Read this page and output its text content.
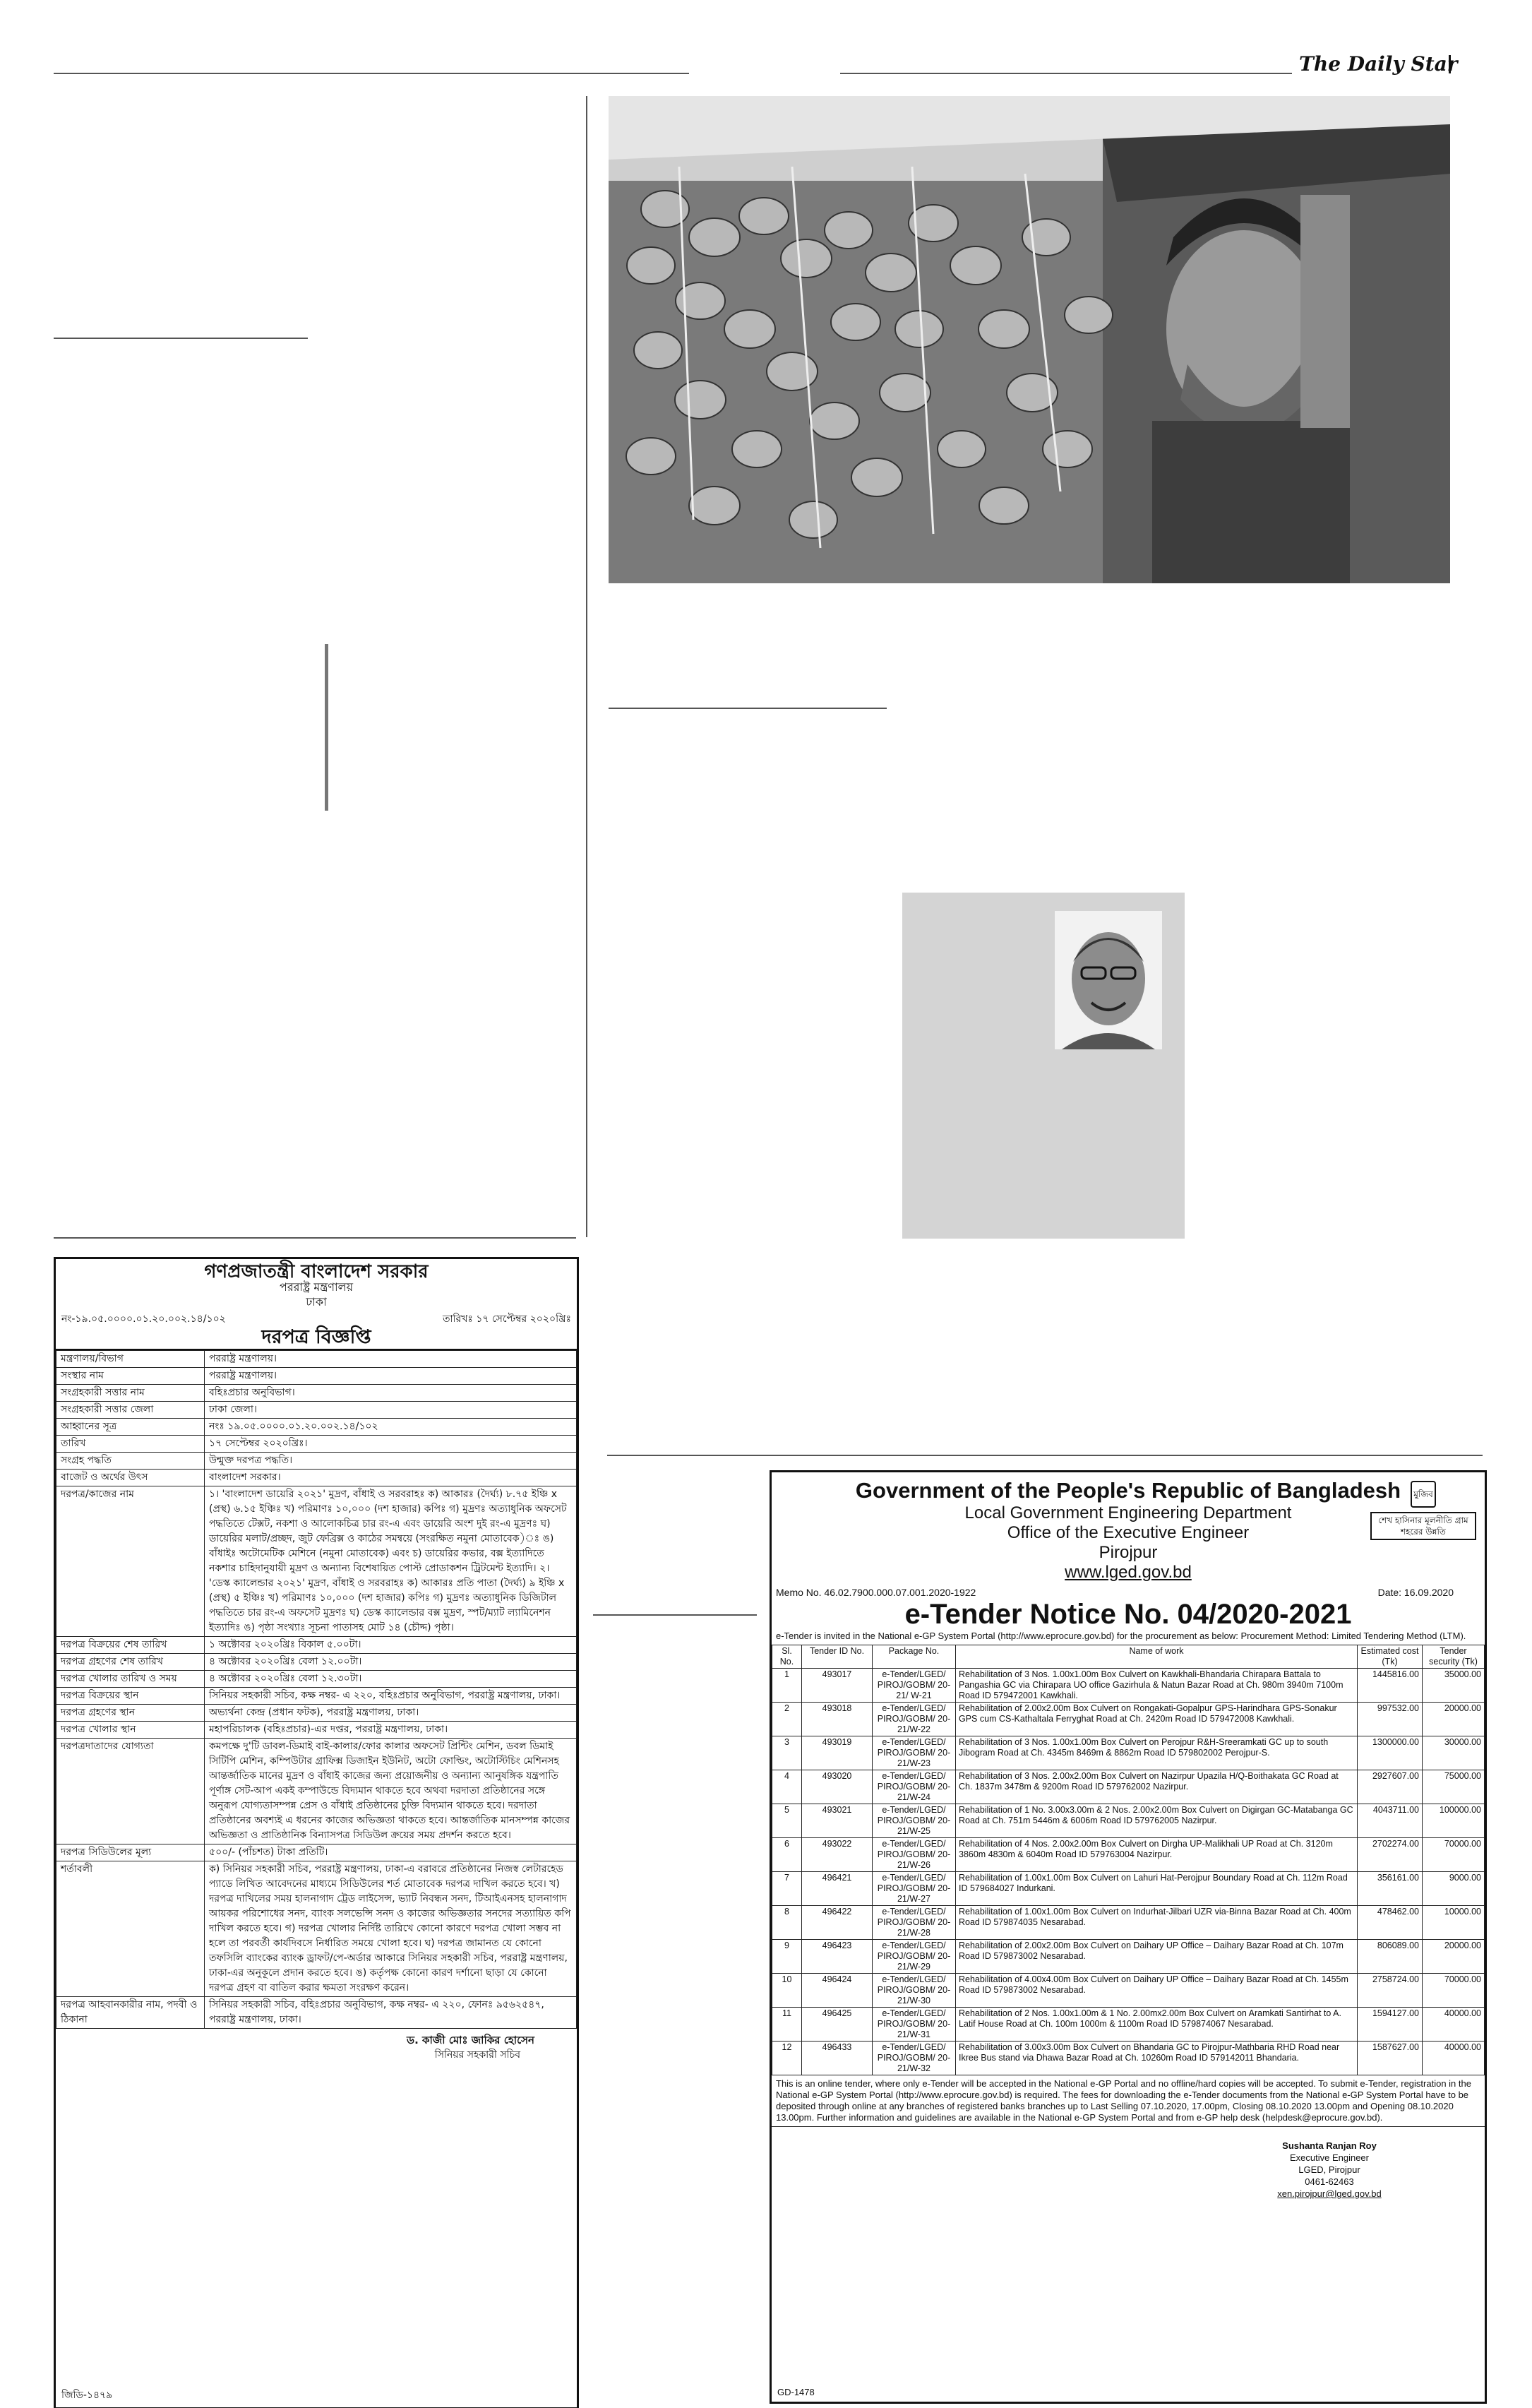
The Daily Star
গণপ্রজাতন্ত্রী বাংলাদেশ সরকার
পররাষ্ট্র মন্ত্রণালয়
ঢাকা
নং-১৯.০৫.০০০০.০১.২০.০০২.১৪/১০২	তারিখঃ ১৭ সেপ্টেম্বর ২০২০খ্রিঃ
দরপত্র বিজ্ঞপ্তি
মন্ত্রণালয়/বিভাগ	পররাষ্ট্র মন্ত্রণালয়।
সংস্থার নাম	পররাষ্ট্র মন্ত্রণালয়।
সংগ্রহকারী সত্তার নাম	বহিঃপ্রচার অনুবিভাগ।
সংগ্রহকারী সত্তার জেলা	ঢাকা জেলা।
আহ্বানের সূত্র	নংঃ ১৯.০৫.০০০০.০১.২০.০০২.১৪/১০২
তারিখ	১৭ সেপ্টেম্বর ২০২০খ্রিঃ।
সংগ্রহ পদ্ধতি	উন্মুক্ত দরপত্র পদ্ধতি।
বাজেট ও অর্থের উৎস	বাংলাদেশ সরকার।
দরপত্র/কাজের নাম	১। 'বাংলাদেশ ডায়েরি ২০২১' মুদ্রণ, বাঁধাই ও সরবরাহঃ ক) আকারঃ (দৈর্ঘ্য) ৮.৭৫ ইঞ্চি x (প্রস্থ) ৬.১৫ ইঞ্চিঃ খ) পরিমাণঃ ১০,০০০ (দশ হাজার) কপিঃ গ) মুদ্রণঃ অত্যাধুনিক অফসেট পদ্ধতিতে টেক্সট, নকশা ও আলোকচিত্র চার রং-এ এবং ডায়েরি অংশ দুই রং-এ মুদ্রণঃ ঘ) ডায়েরির মলাট/প্রচ্ছদ, জুট ফেব্রিক্স ও কাঠের সমন্বয়ে (সংরক্ষিত নমুনা মোতাবেক)ঃ ঙ) বাঁধাইঃ অটোমেটিক মেশিনে (নমুনা মোতাবেক) এবং চ) ডায়েরির কভার, বক্স ইত্যাদিতে নকশার চাহিদানুযায়ী মুদ্রণ ও অন্যান্য বিশেষায়িত পোস্ট প্রোডাকশন ট্রিটমেন্ট ইত্যাদি। ২। 'ডেস্ক ক্যালেন্ডার ২০২১' মুদ্রণ, বাঁধাই ও সরবরাহঃ ক) আকারঃ প্রতি পাতা (দৈর্ঘ্য) ৯ ইঞ্চি x (প্রস্থ) ৫ ইঞ্চিঃ খ) পরিমাণঃ ১০,০০০ (দশ হাজার) কপিঃ গ) মুদ্রণঃ অত্যাধুনিক ডিজিটাল পদ্ধতিতে চার রং-এ অফসেট মুদ্রণঃ ঘ) ডেস্ক ক্যালেন্ডার বক্স মুদ্রণ, স্পট/ম্যাট ল্যামিনেশন ইত্যাদিঃ ঙ) পৃষ্ঠা সংখ্যাঃ সূচনা পাতাসহ মোট ১৪ (চৌদ্দ) পৃষ্ঠা।
দরপত্র বিক্রয়ের শেষ তারিখ	১ অক্টোবর ২০২০খ্রিঃ বিকাল ৫.০০টা।
দরপত্র গ্রহণের শেষ তারিখ	৪ অক্টোবর ২০২০খ্রিঃ বেলা ১২.০০টা।
দরপত্র খোলার তারিখ ও সময়	৪ অক্টোবর ২০২০খ্রিঃ বেলা ১২.৩০টা।
দরপত্র বিক্রয়ের স্থান	সিনিয়র সহকারী সচিব, কক্ষ নম্বর- এ ২২০, বহিঃপ্রচার অনুবিভাগ, পররাষ্ট্র মন্ত্রণালয়, ঢাকা।
দরপত্র গ্রহণের স্থান	অভ্যর্থনা কেন্দ্র (প্রধান ফটক), পররাষ্ট্র মন্ত্রণালয়, ঢাকা।
দরপত্র খোলার স্থান	মহাপরিচালক (বহিঃপ্রচার)-এর দপ্তর, পররাষ্ট্র মন্ত্রণালয়, ঢাকা।
দরপত্রদাতাদের যোগ্যতা	কমপক্ষে দু'টি ডাবল-ডিমাই বাই-কালার/ফোর কালার অফসেট প্রিন্টিং মেশিন, ডবল ডিমাই সিটিপি মেশিন, কম্পিউটার গ্রাফিক্স ডিজাইন ইউনিট, অটো ফোল্ডিং, অটোস্টিচিং মেশিনসহ আন্তর্জাতিক মানের মুদ্রণ ও বাঁধাই কাজের জন্য প্রয়োজনীয় ও অন্যান্য আনুষঙ্গিক যন্ত্রপাতি পূর্ণাঙ্গ সেট-আপ একই কম্পাউন্ডে বিদ্যমান থাকতে হবে অথবা দরদাতা প্রতিষ্ঠানের সঙ্গে অনুরূপ যোগ্যতাসম্পন্ন প্রেস ও বাঁধাই প্রতিষ্ঠানের চুক্তি বিদ্যমান থাকতে হবে। দরদাতা প্রতিষ্ঠানের অবশ্যই এ ধরনের কাজের অভিজ্ঞতা থাকতে হবে। আন্তর্জাতিক মানসম্পন্ন কাজের অভিজ্ঞতা ও প্রাতিষ্ঠানিক বিন্যাসপত্র সিডিউল ক্রয়ের সময় প্রদর্শন করতে হবে।
দরপত্র সিডিউলের মূল্য	৫০০/- (পাঁচশত) টাকা প্রতিটি।
শর্তাবলী	ক) সিনিয়র সহকারী সচিব, পররাষ্ট্র মন্ত্রণালয়, ঢাকা-এ বরাবরে প্রতিষ্ঠানের নিজস্ব লেটারহেড প্যাডে লিখিত আবেদনের মাধ্যমে সিডিউলের শর্ত মোতাবেক দরপত্র দাখিল করতে হবে। খ) দরপত্র দাখিলের সময় হালনাগাদ ট্রেড লাইসেন্স, ভ্যাট নিবন্ধন সনদ, টিআইএনসহ হালনাগাদ আয়কর পরিশোধের সনদ, ব্যাংক সলভেন্সি সনদ ও কাজের অভিজ্ঞতার সনদের সত্যায়িত কপি দাখিল করতে হবে। গ) দরপত্র খোলার নির্দিষ্ট তারিখে কোনো কারণে দরপত্র খোলা সম্ভব না হলে তা পরবর্তী কার্যদিবসে নির্ধারিত সময়ে খোলা হবে। ঘ) দরপত্র জামানত যে কোনো তফসিলি ব্যাংকের ব্যাংক ড্রাফট/পে-অর্ডার আকারে সিনিয়র সহকারী সচিব, পররাষ্ট্র মন্ত্রণালয়, ঢাকা-এর অনুকূলে প্রদান করতে হবে। ঙ) কর্তৃপক্ষ কোনো কারণ দর্শানো ছাড়া যে কোনো দরপত্র গ্রহণ বা বাতিল করার ক্ষমতা সংরক্ষণ করেন।
দরপত্র আহবানকারীর নাম, পদবী ও ঠিকানা	সিনিয়র সহকারী সচিব, বহিঃপ্রচার অনুবিভাগ, কক্ষ নম্বর- এ ২২০, ফোনঃ ৯৫৬২৫৪৭, পররাষ্ট্র মন্ত্রণালয়, ঢাকা।
ড. কাজী মোঃ জাকির হোসেন
সিনিয়র সহকারী সচিব
জিডি-১৪৭৯
মুজিব
শেখ হাসিনার মূলনীতি গ্রাম শহরের উন্নতি
Government of the People's Republic of Bangladesh
Local Government Engineering Department
Office of the Executive Engineer
Pirojpur
www.lged.gov.bd
Memo No. 46.02.7900.000.07.001.2020-1922	Date: 16.09.2020
e-Tender Notice No. 04/2020-2021
e-Tender is invited in the National e-GP System Portal (http://www.eprocure.gov.bd) for the procurement as below: Procurement Method: Limited Tendering Method (LTM).
Sl. No.	Tender ID No.	Package No.	Name of work	Estimated cost (Tk)	Tender security (Tk)
1	493017	e-Tender/LGED/ PIROJ/GOBM/ 20-21/ W-21	Rehabilitation of 3 Nos. 1.00x1.00m Box Culvert on Kawkhali-Bhandaria Chirapara Battala to Pangashia GC via Chirapara UO office Gazirhula & Natun Bazar Road at Ch. 980m 3940m 7100m Road ID 579472001 Kawkhali.	1445816.00	35000.00
2	493018	e-Tender/LGED/ PIROJ/GOBM/ 20-21/W-22	Rehabilitation of 2.00x2.00m Box Culvert on Rongakati-Gopalpur GPS-Harindhara GPS-Sonakur GPS cum CS-Kathaltala Ferryghat Road at Ch. 2420m Road ID 579472008 Kawkhali.	997532.00	20000.00
3	493019	e-Tender/LGED/ PIROJ/GOBM/ 20-21/W-23	Rehabilitation of 3 Nos. 1.00x1.00m Box Culvert on Perojpur R&H-Sreeramkati GC up to south Jibogram Road at Ch. 4345m 8469m & 8862m Road ID 579802002 Perojpur-S.	1300000.00	30000.00
4	493020	e-Tender/LGED/ PIROJ/GOBM/ 20-21/W-24	Rehabilitation of 3 Nos. 2.00x2.00m Box Culvert on Nazirpur Upazila H/Q-Boithakata GC Road at Ch. 1837m 3478m & 9200m Road ID 579762002 Nazirpur.	2927607.00	75000.00
5	493021	e-Tender/LGED/ PIROJ/GOBM/ 20-21/W-25	Rehabilitation of 1 No. 3.00x3.00m & 2 Nos. 2.00x2.00m Box Culvert on Digirgan GC-Matabanga GC Road at Ch. 751m 5446m & 6006m Road ID 579762005 Nazirpur.	4043711.00	100000.00
6	493022	e-Tender/LGED/ PIROJ/GOBM/ 20-21/W-26	Rehabilitation of 4 Nos. 2.00x2.00m Box Culvert on Dirgha UP-Malikhali UP Road at Ch. 3120m 3860m 4830m & 6040m Road ID 579763004 Nazirpur.	2702274.00	70000.00
7	496421	e-Tender/LGED/ PIROJ/GOBM/ 20-21/W-27	Rehabilitation of 1.00x1.00m Box Culvert on Lahuri Hat-Perojpur Boundary Road at Ch. 112m Road ID 579684027 Indurkani.	356161.00	9000.00
8	496422	e-Tender/LGED/ PIROJ/GOBM/ 20-21/W-28	Rehabilitation of 1.00x1.00m Box Culvert on Indurhat-Jilbari UZR via-Binna Bazar Road at Ch. 400m Road ID 579874035 Nesarabad.	478462.00	10000.00
9	496423	e-Tender/LGED/ PIROJ/GOBM/ 20-21/W-29	Rehabilitation of 2.00x2.00m Box Culvert on Daihary UP Office – Daihary Bazar Road at Ch. 107m Road ID 579873002 Nesarabad.	806089.00	20000.00
10	496424	e-Tender/LGED/ PIROJ/GOBM/ 20-21/W-30	Rehabilitation of 4.00x4.00m Box Culvert on Daihary UP Office – Daihary Bazar Road at Ch. 1455m Road ID 579873002 Nesarabad.	2758724.00	70000.00
11	496425	e-Tender/LGED/ PIROJ/GOBM/ 20-21/W-31	Rehabilitation of 2 Nos. 1.00x1.00m & 1 No. 2.00mx2.00m Box Culvert on Aramkati Santirhat to A. Latif House Road at Ch. 100m 1000m & 1100m Road ID 579874067 Nesarabad.	1594127.00	40000.00
12	496433	e-Tender/LGED/ PIROJ/GOBM/ 20-21/W-32	Rehabilitation of 3.00x3.00m Box Culvert on Bhandaria GC to Pirojpur-Mathbaria RHD Road near Ikree Bus stand via Dhawa Bazar Road at Ch. 10260m Road ID 579142011 Bhandaria.	1587627.00	40000.00
This is an online tender, where only e-Tender will be accepted in the National e-GP Portal and no offline/hard copies will be accepted. To submit e-Tender, registration in the National e-GP System Portal (http://www.eprocure.gov.bd) is required. The fees for downloading the e-Tender documents from the National e-GP System Portal have to be deposited through online at any branches of registered banks branches up to Last Selling 07.10.2020, 17.00pm, Closing 08.10.2020 13.00pm and Opening 08.10.2020 13.00pm. Further information and guidelines are available in the National e-GP System Portal and from e-GP help desk (helpdesk@eprocure.gov.bd).
Sushanta Ranjan Roy
Executive Engineer
LGED, Pirojpur
0461-62463
xen.pirojpur@lged.gov.bd
GD-1478
